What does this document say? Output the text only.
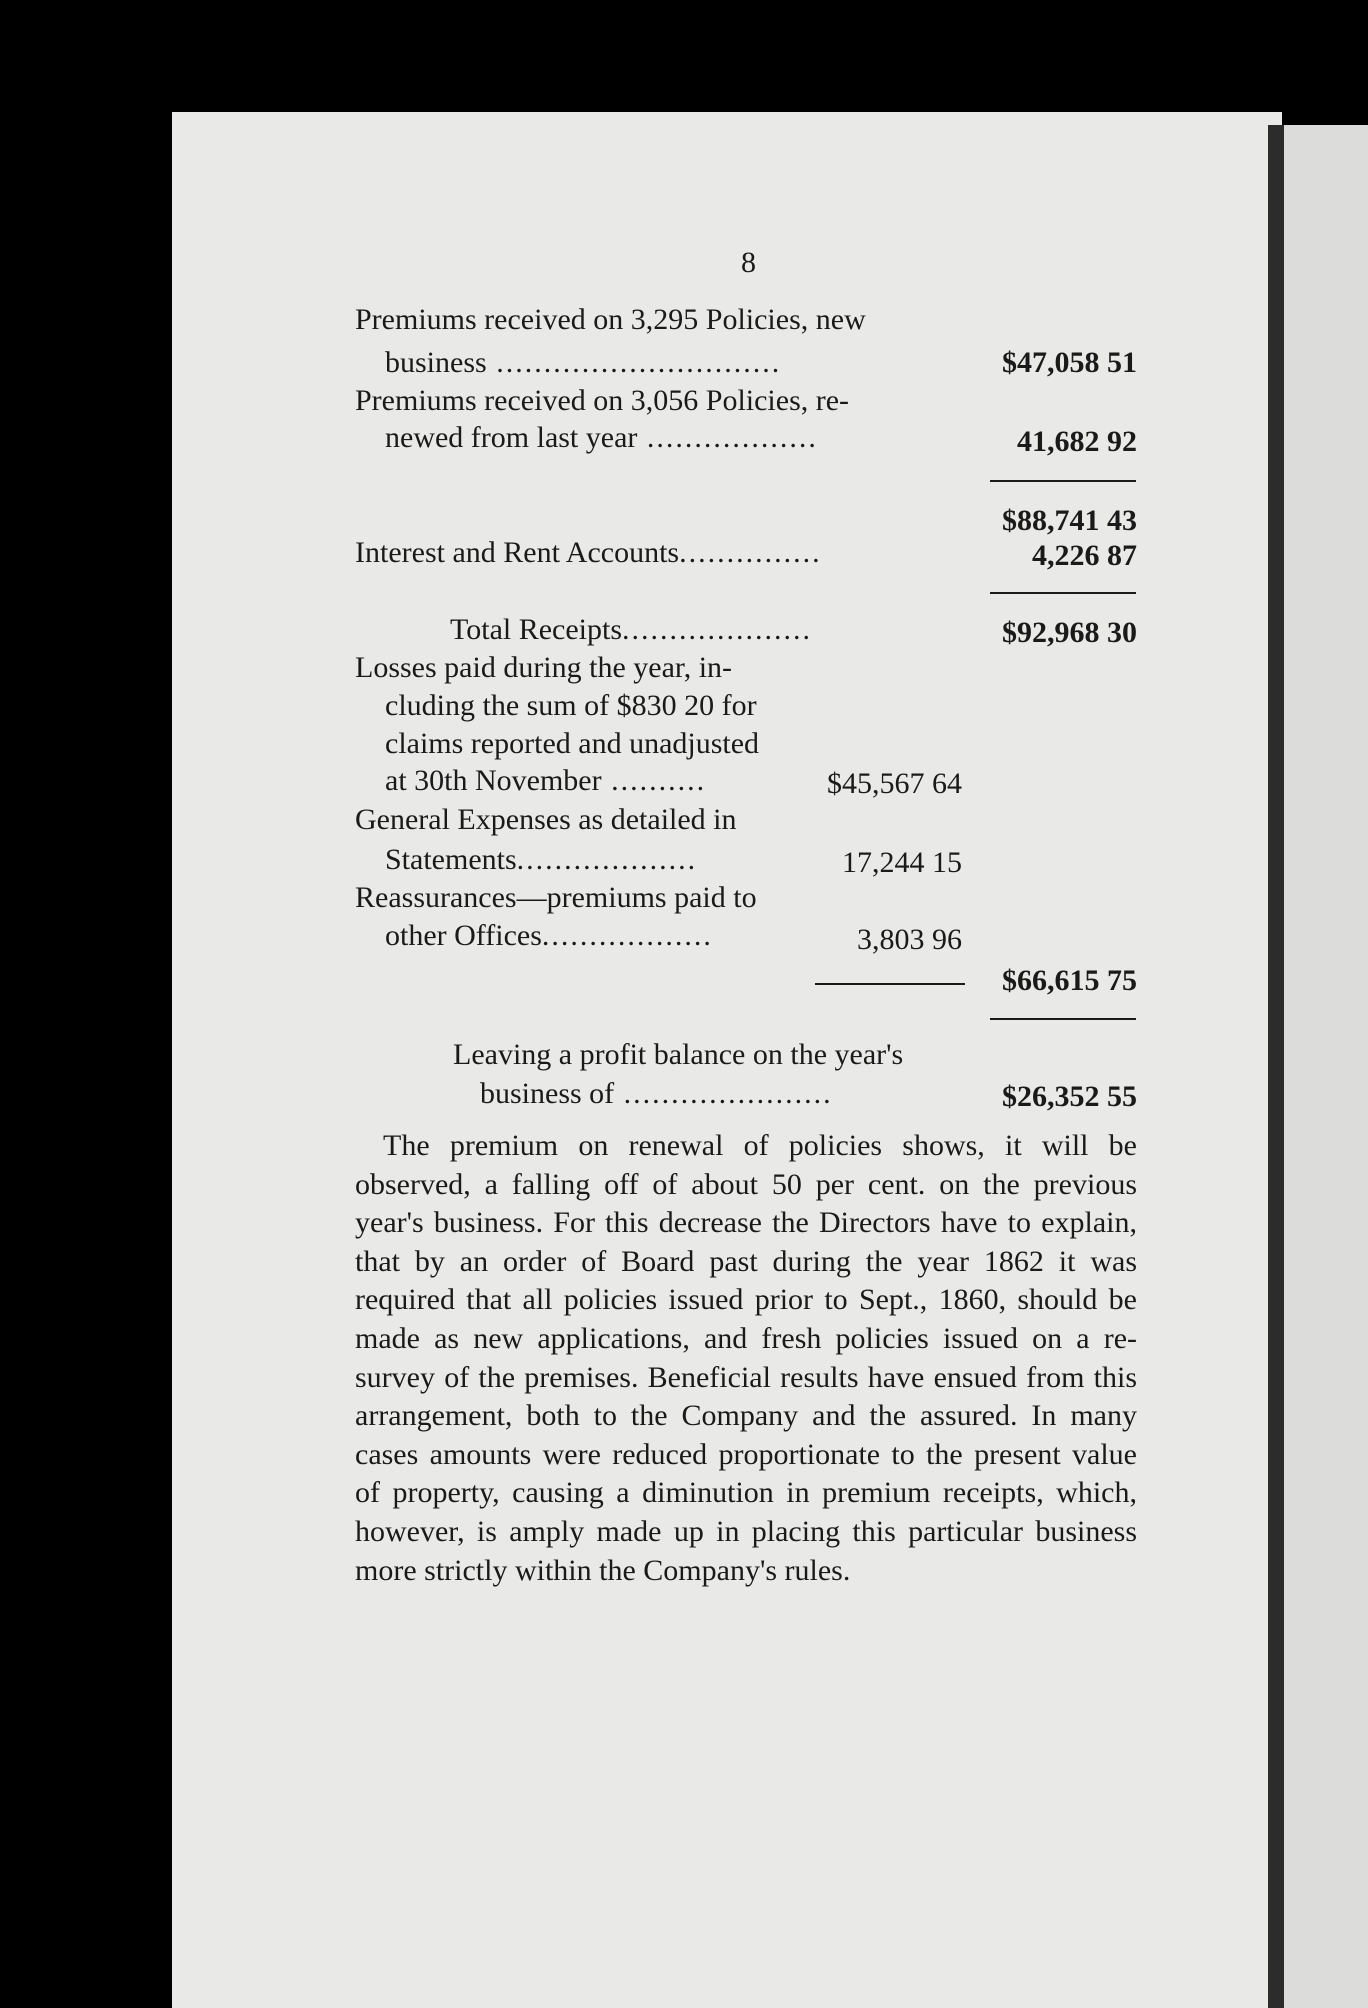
8
Premiums received on 3,295 Policies, new
business ..............................	$47,058 51
Premiums received on 3,056 Policies, re-
newed from last year ..................	41,682 92
$88,741 43
Interest and Rent Accounts...............	4,226 87
Total Receipts....................	$92,968 30
Losses paid during the year, in-
cluding the sum of $830 20 for
claims reported and unadjusted
at 30th November ..........	$45,567 64
General Expenses as detailed in
Statements...................	17,244 15
Reassurances—premiums paid to
other Offices..................	3,803 96
$66,615 75
Leaving a profit balance on the year's
business of ......................	$26,352 55
The premium on renewal of policies shows, it will be observed, a falling off of about 50 per cent. on the previous year's business. For this decrease the Directors have to explain, that by an order of Board past during the year 1862 it was required that all policies issued prior to Sept., 1860, should be made as new applications, and fresh policies issued on a re-survey of the premises. Beneficial results have ensued from this arrangement, both to the Company and the assured. In many cases amounts were reduced proportionate to the present value of property, causing a diminution in premium receipts, which, however, is amply made up in placing this particular business more strictly within the Company's rules.
